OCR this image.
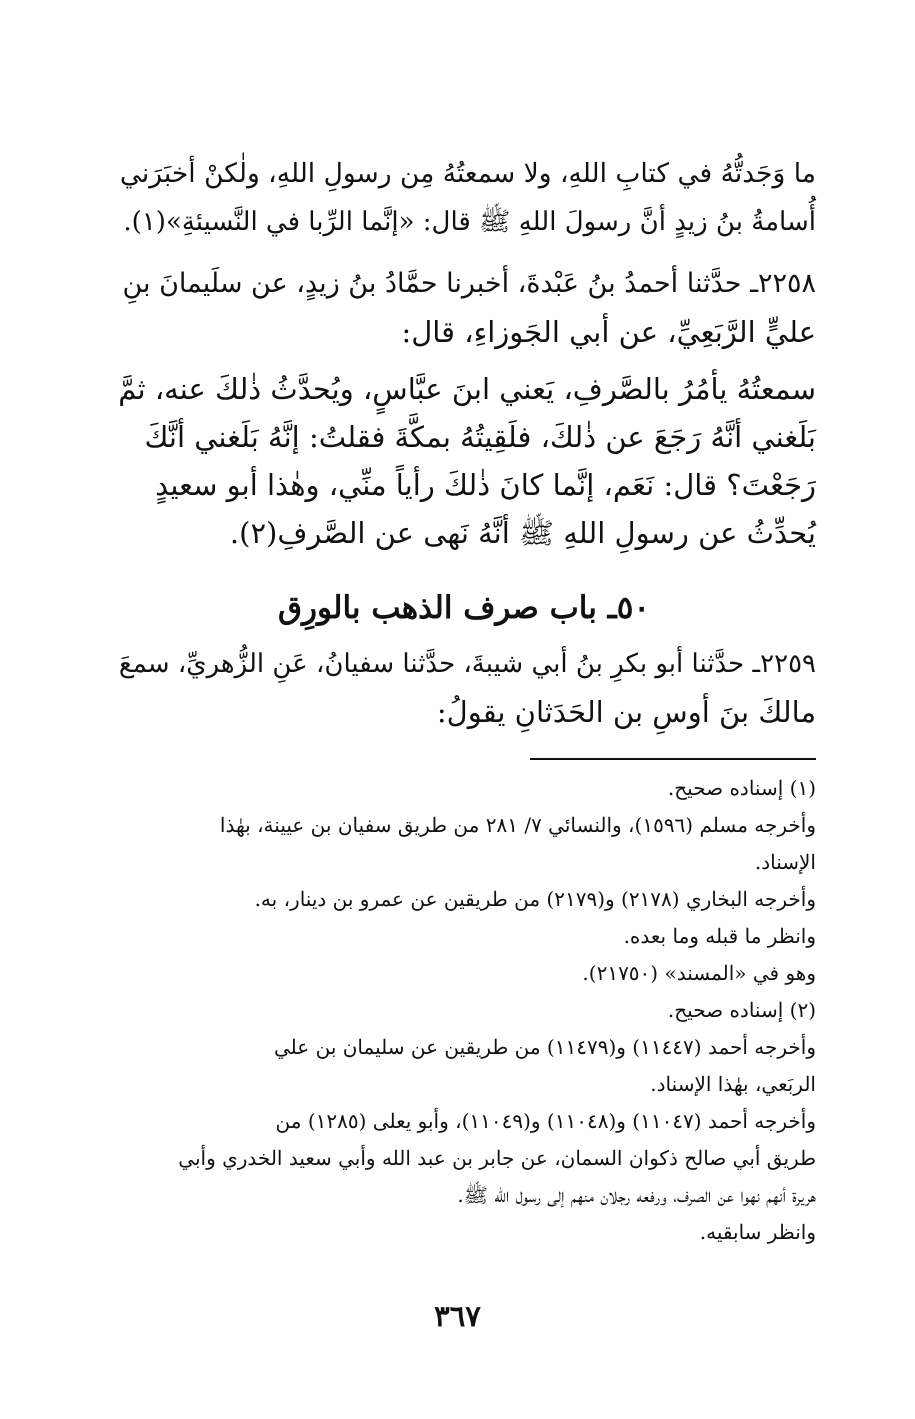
ما وَجَدتُّهُ في كتابِ اللهِ، ولا سمعتُهُ مِن رسولِ اللهِ، ولٰكنْ أخبَرَني
أُسامةُ بنُ زيدٍ أنَّ رسولَ اللهِ ﷺ قال: «إنَّما الرِّبا في النَّسيئةِ»(١).
٢٢٥٨ـ حدَّثنا أحمدُ بنُ عَبْدةَ، أخبرنا حمَّادُ بنُ زيدٍ، عن سلَيمانَ بنِ
عليٍّ الرَّبَعِيِّ، عن أبي الجَوزاءِ، قال:
سمعتُهُ يأمُرُ بالصَّرفِ، يَعني ابنَ عبَّاسٍ، ويُحدَّثُ ذٰلكَ عنه، ثمَّ
بَلَغني أنَّهُ رَجَعَ عن ذٰلكَ، فلَقِيتُهُ بمكَّةَ فقلتُ: إنَّهُ بَلَغني أنَّكَ
رَجَعْتَ؟ قال: نَعَم، إنَّما كانَ ذٰلكَ رأياً منِّي، وهٰذا أبو سعيدٍ
يُحدِّثُ عن رسولِ اللهِ ﷺ أنَّهُ نَهى عن الصَّرفِ(٢).
٥٠ـ باب صرف الذهب بالورِق
٢٢٥٩ـ حدَّثنا أبو بكرِ بنُ أبي شيبةَ، حدَّثنا سفيانُ، عَنِ الزُّهريِّ، سمعَ
مالكَ بنَ أوسِ بن الحَدَثانِ يقولُ:
(١) إسناده صحيح.
وأخرجه مسلم (١٥٩٦)، والنسائي ٧/ ٢٨١ من طريق سفيان بن عيينة، بهٰذا
الإسناد.
وأخرجه البخاري (٢١٧٨) و(٢١٧٩) من طريقين عن عمرو بن دينار، به.
وانظر ما قبله وما بعده.
وهو في «المسند» (٢١٧٥٠).
(٢) إسناده صحيح.
وأخرجه أحمد (١١٤٤٧) و(١١٤٧٩) من طريقين عن سليمان بن علي
الربَعي، بهٰذا الإسناد.
وأخرجه أحمد (١١٠٤٧) و(١١٠٤٨) و(١١٠٤٩)، وأبو يعلى (١٢٨٥) من
طريق أبي صالح ذكوان السمان، عن جابر بن عبد الله وأبي سعيد الخدري وأبي
هريرة أنهم نهوا عن الصرف، ورفعه رجلان منهم إلى رسول الله ﷺ.
وانظر سابقيه.
٣٦٧
